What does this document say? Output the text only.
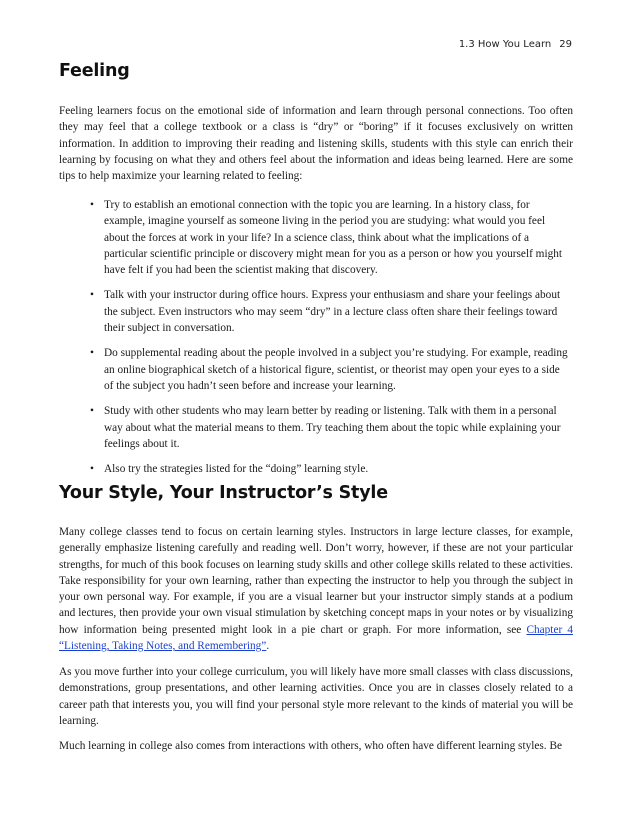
1.3 How You Learn 29
Feeling

Feeling learners focus on the emotional side of information and learn through personal connections. Too often they may feel that a college textbook or a class is “dry” or “boring” if it focuses exclusively on written information. In addition to improving their reading and listening skills, students with this style can enrich their learning by focusing on what they and others feel about the information and ideas being learned. Here are some tips to help maximize your learning related to feeling:

• Try to establish an emotional connection with the topic you are learning. In a history class, for example, imagine yourself as someone living in the period you are studying: what would you feel about the forces at work in your life? In a science class, think about what the implications of a particular scientific principle or discovery might mean for you as a person or how you yourself might have felt if you had been the scientist making that discovery.
• Talk with your instructor during office hours. Express your enthusiasm and share your feelings about the subject. Even instructors who may seem “dry” in a lecture class often share their feelings toward their subject in conversation.
• Do supplemental reading about the people involved in a subject you’re studying. For example, reading an online biographical sketch of a historical figure, scientist, or theorist may open your eyes to a side of the subject you hadn’t seen before and increase your learning.
• Study with other students who may learn better by reading or listening. Talk with them in a personal way about what the material means to them. Try teaching them about the topic while explaining your feelings about it.
• Also try the strategies listed for the “doing” learning style.
Your Style, Your Instructor’s Style

Many college classes tend to focus on certain learning styles. Instructors in large lecture classes, for example, generally emphasize listening carefully and reading well. Don’t worry, however, if these are not your particular strengths, for much of this book focuses on learning study skills and other college skills related to these activities. Take responsibility for your own learning, rather than expecting the instructor to help you through the subject in your own personal way. For example, if you are a visual learner but your instructor simply stands at a podium and lectures, then provide your own visual stimulation by sketching concept maps in your notes or by visualizing how information being presented might look in a pie chart or graph. For more information, see Chapter 4 “Listening, Taking Notes, and Remembering”.

As you move further into your college curriculum, you will likely have more small classes with class discussions, demonstrations, group presentations, and other learning activities. Once you are in classes closely related to a career path that interests you, you will find your personal style more relevant to the kinds of material you will be learning.

Much learning in college also comes from interactions with others, who often have different learning styles. Be
